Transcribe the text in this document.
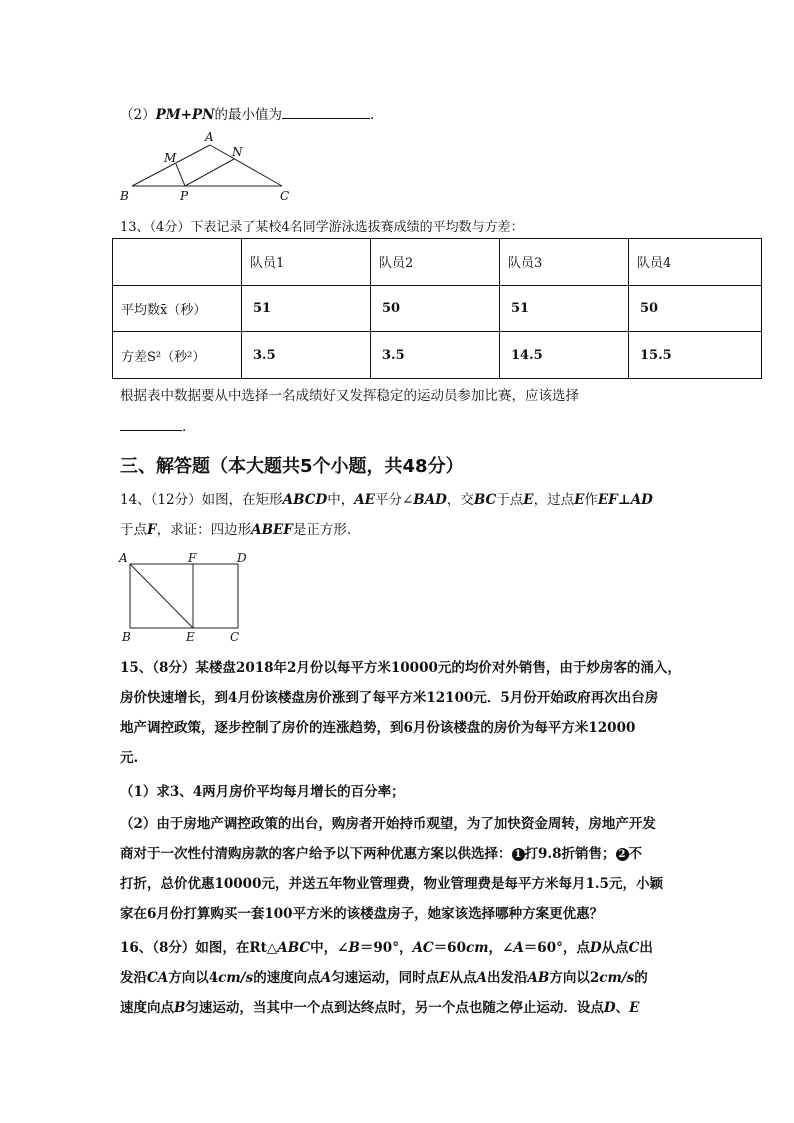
（2）PM+PN的最小值为	.
A
M	N
B	P	C
13、（4分）下表记录了某校4名同学游泳选拔赛成绩的平均数与方差：
	队员1	队员2	队员3	队员4
平均数x̄（秒）	51	50	51	50
方差S²（秒²）	3.5	3.5	14.5	15.5
根据表中数据要从中选择一名成绩好又发挥稳定的运动员参加比赛，应该选择
.
三、解答题（本大题共5个小题，共48分）
14、（12分）如图，在矩形ABCD中，AE平分∠BAD，交BC于点E，过点E作EF⊥AD
于点F，求证：四边形ABEF是正方形.
A	F	D
B	E	C
15、（8分）某楼盘2018年2月份以每平方米10000元的均价对外销售，由于炒房客的涌入，
房价快速增长，到4月份该楼盘房价涨到了每平方米12100元．5月份开始政府再次出台房
地产调控政策，逐步控制了房价的连涨趋势，到6月份该楼盘的房价为每平方米12000
元.
（1）求3、4两月房价平均每月增长的百分率；
（2）由于房地产调控政策的出台，购房者开始持币观望，为了加快资金周转，房地产开发
商对于一次性付清购房款的客户给予以下两种优惠方案以供选择： 1 打9.8折销售； 2 不
打折，总价优惠10000元，并送五年物业管理费，物业管理费是每平方米每月1.5元，小颖
家在6月份打算购买一套100平方米的该楼盘房子，她家该选择哪种方案更优惠？
16、（8分）如图，在Rt△ABC中，∠B＝90°，AC＝60cm，∠A＝60°，点D从点C出
发沿CA方向以4cm/s的速度向点A匀速运动，同时点E从点A出发沿AB方向以2cm/s的
速度向点B匀速运动，当其中一个点到达终点时，另一个点也随之停止运动．设点D、E
